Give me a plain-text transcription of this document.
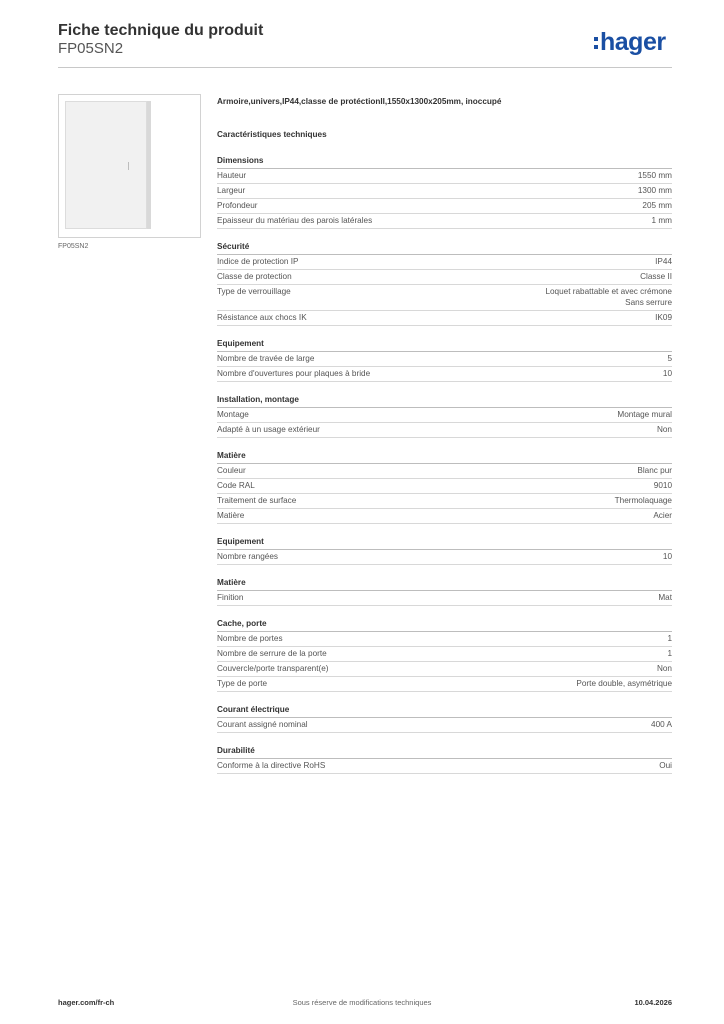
Fiche technique du produit
FP05SN2	hager
FP05SN2
Armoire,univers,IP44,classe de protéctionII,1550x1300x205mm, inoccupé
Caractéristiques techniques
Dimensions
Hauteur	1550 mm
Largeur	1300 mm
Profondeur	205 mm
Epaisseur du matériau des parois latérales	1 mm
Sécurité
Indice de protection IP	IP44
Classe de protection	Classe II
Type de verrouillage	Loquet rabattable et avec crémone
Sans serrure
Résistance aux chocs IK	IK09
Equipement
Nombre de travée de large	5
Nombre d'ouvertures pour plaques à bride	10
Installation, montage
Montage	Montage mural
Adapté à un usage extérieur	Non
Matière
Couleur	Blanc pur
Code RAL	9010
Traitement de surface	Thermolaquage
Matière	Acier
Equipement
Nombre rangées	10
Matière
Finition	Mat
Cache, porte
Nombre de portes	1
Nombre de serrure de la porte	1
Couvercle/porte transparent(e)	Non
Type de porte	Porte double, asymétrique
Courant électrique
Courant assigné nominal	400 A
Durabilité
Conforme à la directive RoHS	Oui
hager.com/fr-ch	Sous réserve de modifications techniques	10.04.2026
